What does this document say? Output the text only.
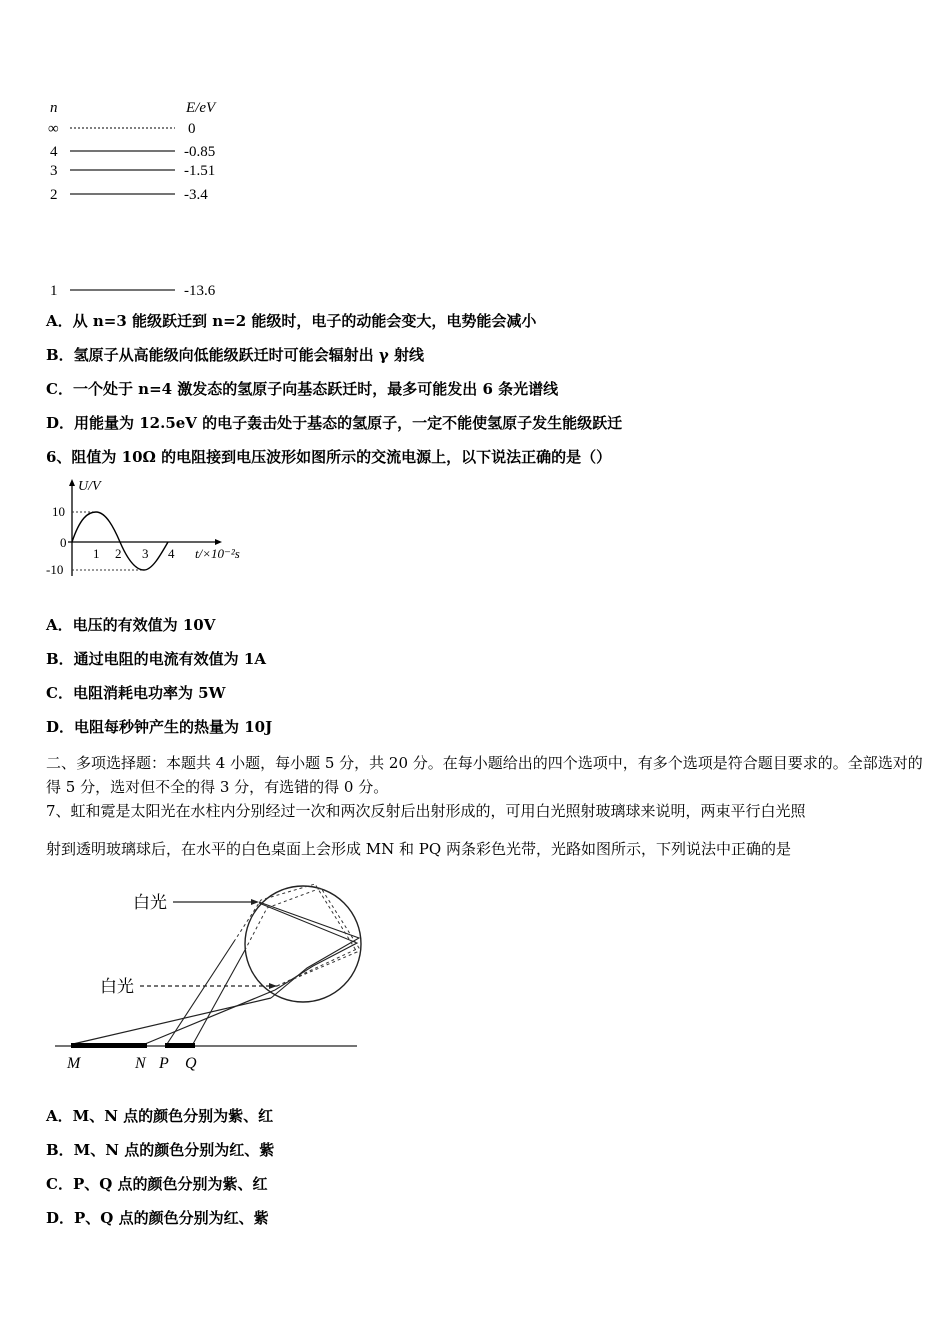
n	E/eV
∞	0
4	-0.85
3	-1.51
2	-3.4
1	-13.6
A．从 n=3 能级跃迁到 n=2 能级时，电子的动能会变大，电势能会减小
B．氢原子从高能级向低能级跃迁时可能会辐射出 γ 射线
C．一个处于 n=4 激发态的氢原子向基态跃迁时，最多可能发出 6 条光谱线
D．用能量为 12.5eV 的电子轰击处于基态的氢原子，一定不能使氢原子发生能级跃迁
6、阻值为 10Ω 的电阻接到电压波形如图所示的交流电源上，以下说法正确的是（）
U/V
10
0
-10
1 2 3 4 t/×10⁻²s
A．电压的有效值为 10V
B．通过电阻的电流有效值为 1A
C．电阻消耗电功率为 5W
D．电阻每秒钟产生的热量为 10J
二、多项选择题：本题共 4 小题，每小题 5 分，共 20 分。在每小题给出的四个选项中，有多个选项是符合题目要求的。全部选对的得 5 分，选对但不全的得 3 分，有选错的得 0 分。
7、虹和霓是太阳光在水柱内分别经过一次和两次反射后出射形成的，可用白光照射玻璃球来说明，两束平行白光照
射到透明玻璃球后，在水平的白色桌面上会形成 MN 和 PQ 两条彩色光带，光路如图所示，下列说法中正确的是
白光
白光
M	N P Q
A．M、N 点的颜色分别为紫、红
B．M、N 点的颜色分别为红、紫
C．P、Q 点的颜色分别为紫、红
D．P、Q 点的颜色分别为红、紫
